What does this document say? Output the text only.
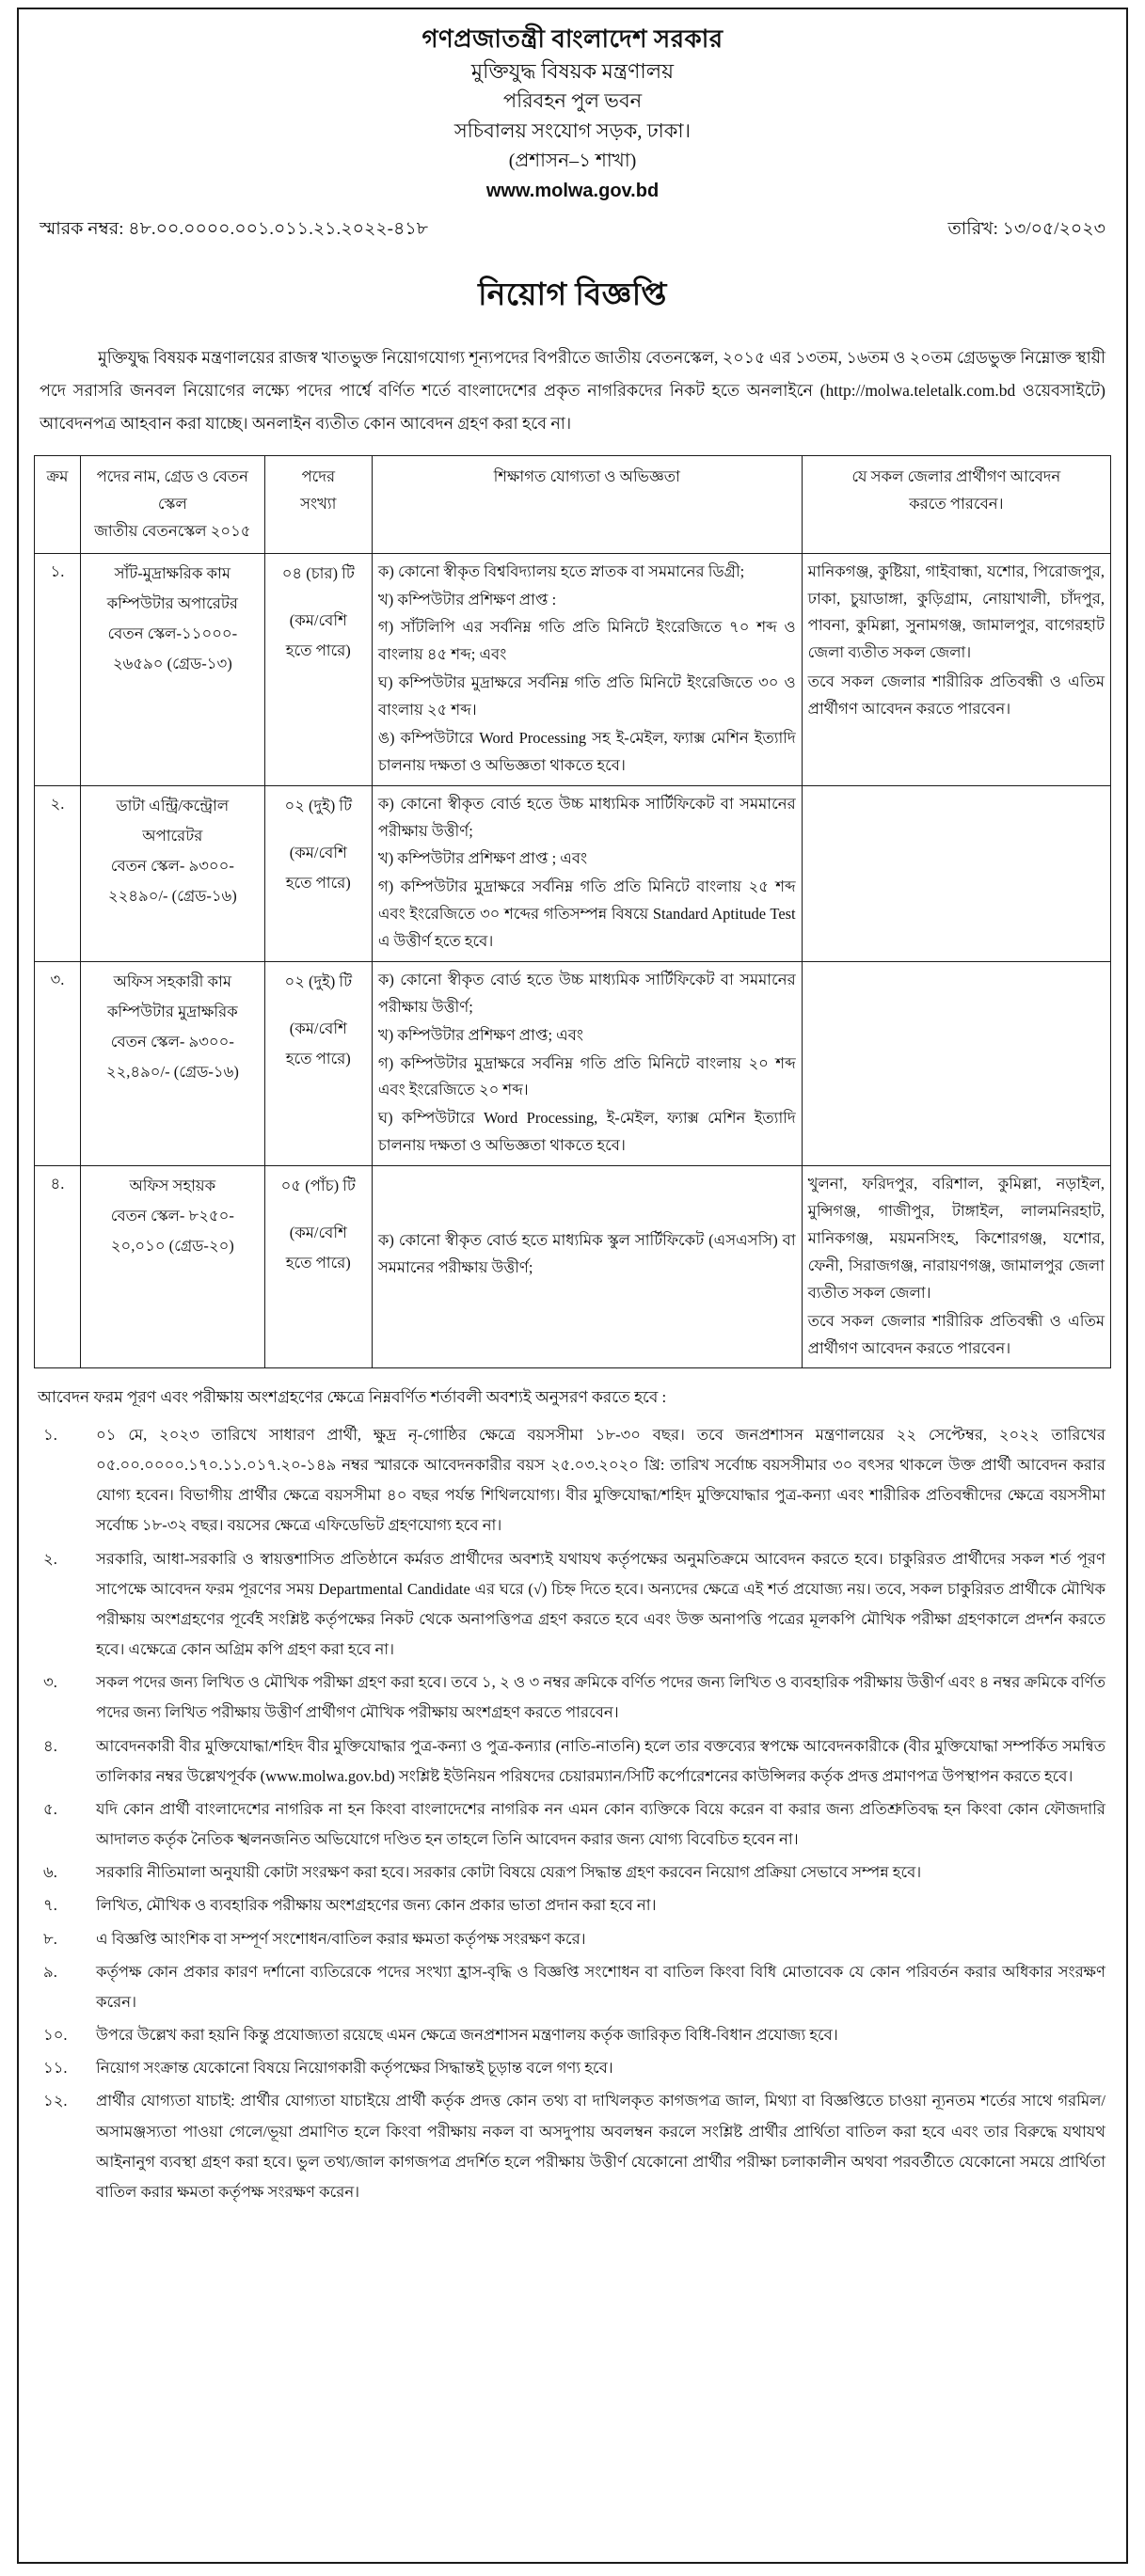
গণপ্রজাতন্ত্রী বাংলাদেশ সরকার
মুক্তিযুদ্ধ বিষয়ক মন্ত্রণালয়
পরিবহন পুল ভবন
সচিবালয় সংযোগ সড়ক, ঢাকা।
(প্রশাসন–১ শাখা)
www.molwa.gov.bd
স্মারক নম্বর: ৪৮.০০.০০০০.০০১.০১১.২১.২০২২-৪১৮	তারিখ: ১৩/০৫/২০২৩
নিয়োগ বিজ্ঞপ্তি
মুক্তিযুদ্ধ বিষয়ক মন্ত্রণালয়ের রাজস্ব খাতভুক্ত নিয়োগযোগ্য শূন্যপদের বিপরীতে জাতীয় বেতনস্কেল, ২০১৫ এর ১৩তম, ১৬তম ও ২০তম গ্রেডভুক্ত নিম্নোক্ত স্থায়ী পদে সরাসরি জনবল নিয়োগের লক্ষ্যে পদের পার্শ্বে বর্ণিত শর্তে বাংলাদেশের প্রকৃত নাগরিকদের নিকট হতে অনলাইনে (http://molwa.teletalk.com.bd ওয়েবসাইটে) আবেদনপত্র আহবান করা যাচ্ছে। অনলাইন ব্যতীত কোন আবেদন গ্রহণ করা হবে না।
ক্রম	পদের নাম, গ্রেড ও বেতন
স্কেল
জাতীয় বেতনস্কেল ২০১৫

পদের
সংখ্যা
	শিক্ষাগত যোগ্যতা ও অভিজ্ঞতা	যে সকল জেলার প্রার্থীগণ আবেদন
করতে পারবেন।

১.	সাঁট-মুদ্রাক্ষরিক কাম
কম্পিউটার অপারেটর
বেতন স্কেল-১১০০০-
২৬৫৯০ (গ্রেড-১৩)

০৪ (চার) টি
(কম/বেশি
হতে পারে)

ক) কোনো স্বীকৃত বিশ্ববিদ্যালয় হতে স্নাতক বা সমমানের ডিগ্রী;
খ) কম্পিউটার প্রশিক্ষণ প্রাপ্ত :
গ) সাঁটলিপি এর সর্বনিম্ন গতি প্রতি মিনিটে ইংরেজিতে ৭০ শব্দ ও বাংলায় ৪৫ শব্দ; এবং
ঘ) কম্পিউটার মুদ্রাক্ষরে সর্বনিম্ন গতি প্রতি মিনিটে ইংরেজিতে ৩০ ও বাংলায় ২৫ শব্দ।
ঙ) কম্পিউটারে Word Processing সহ ই-মেইল, ফ্যাক্স মেশিন ইত্যাদি চালনায় দক্ষতা ও অভিজ্ঞতা থাকতে হবে।
	মানিকগঞ্জ, কুষ্টিয়া, গাইবান্ধা, যশোর, পিরোজপুর, ঢাকা, চুয়াডাঙ্গা, কুড়িগ্রাম, নোয়াখালী, চাঁদপুর, পাবনা, কুমিল্লা, সুনামগঞ্জ, জামালপুর, বাগেরহাট জেলা ব্যতীত সকল জেলা।
তবে সকল জেলার শারীরিক প্রতিবন্ধী ও এতিম প্রার্থীগণ আবেদন করতে পারবেন।

২.	ডাটা এন্ট্রি/কন্ট্রোল
অপারেটর
বেতন স্কেল- ৯৩০০-
২২৪৯০/- (গ্রেড-১৬)

০২ (দুই) টি
(কম/বেশি
হতে পারে)

ক) কোনো স্বীকৃত বোর্ড হতে উচ্চ মাধ্যমিক সার্টিফিকেট বা সমমানের পরীক্ষায় উত্তীর্ণ;
খ) কম্পিউটার প্রশিক্ষণ প্রাপ্ত ; এবং
গ) কম্পিউটার মুদ্রাক্ষরে সর্বনিম্ন গতি প্রতি মিনিটে বাংলায় ২৫ শব্দ এবং ইংরেজিতে ৩০ শব্দের গতিসম্পন্ন বিষয়ে Standard Aptitude Test এ উত্তীর্ণ হতে হবে।

৩.	অফিস সহকারী কাম
কম্পিউটার মুদ্রাক্ষরিক
বেতন স্কেল- ৯৩০০-
২২,৪৯০/- (গ্রেড-১৬)

০২ (দুই) টি
(কম/বেশি
হতে পারে)

ক) কোনো স্বীকৃত বোর্ড হতে উচ্চ মাধ্যমিক সার্টিফিকেট বা সমমানের পরীক্ষায় উত্তীর্ণ;
খ) কম্পিউটার প্রশিক্ষণ প্রাপ্ত; এবং
গ) কম্পিউটার মুদ্রাক্ষরে সর্বনিম্ন গতি প্রতি মিনিটে বাংলায় ২০ শব্দ এবং ইংরেজিতে ২০ শব্দ।
ঘ) কম্পিউটারে Word Processing, ই-মেইল, ফ্যাক্স মেশিন ইত্যাদি চালনায় দক্ষতা ও অভিজ্ঞতা থাকতে হবে।

৪.	অফিস সহায়ক
বেতন স্কেল- ৮২৫০-
২০,০১০ (গ্রেড-২০)

০৫ (পাঁচ) টি
(কম/বেশি
হতে পারে)

ক) কোনো স্বীকৃত বোর্ড হতে মাধ্যমিক স্কুল সার্টিফিকেট (এসএসসি) বা সমমানের পরীক্ষায় উত্তীর্ণ;
	খুলনা, ফরিদপুর, বরিশাল, কুমিল্লা, নড়াইল, মুন্সিগঞ্জ, গাজীপুর, টাঙ্গাইল, লালমনিরহাট, মানিকগঞ্জ, ময়মনসিংহ, কিশোরগঞ্জ, যশোর, ফেনী, সিরাজগঞ্জ, নারায়ণগঞ্জ, জামালপুর জেলা ব্যতীত সকল জেলা।
তবে সকল জেলার শারীরিক প্রতিবন্ধী ও এতিম প্রার্থীগণ আবেদন করতে পারবেন।
আবেদন ফরম পূরণ এবং পরীক্ষায় অংশগ্রহণের ক্ষেত্রে নিম্নবর্ণিত শর্তাবলী অবশ্যই অনুসরণ করতে হবে :
১.	০১ মে, ২০২৩ তারিখে সাধারণ প্রার্থী, ক্ষুদ্র নৃ-গোষ্ঠির ক্ষেত্রে বয়সসীমা ১৮-৩০ বছর। তবে জনপ্রশাসন মন্ত্রণালয়ের ২২ সেপ্টেম্বর, ২০২২ তারিখের ০৫.০০.০০০০.১৭০.১১.০১৭.২০-১৪৯ নম্বর স্মারকে আবেদনকারীর বয়স ২৫.০৩.২০২০ খ্রি: তারিখ সর্বোচ্চ বয়সসীমার ৩০ বৎসর থাকলে উক্ত প্রার্থী আবেদন করার যোগ্য হবেন। বিভাগীয় প্রার্থীর ক্ষেত্রে বয়সসীমা ৪০ বছর পর্যন্ত শিথিলযোগ্য। বীর মুক্তিযোদ্ধা/শহিদ মুক্তিযোদ্ধার পুত্র-কন্যা এবং শারীরিক প্রতিবন্ধীদের ক্ষেত্রে বয়সসীমা সর্বোচ্চ ১৮-৩২ বছর। বয়সের ক্ষেত্রে এফিডেভিট গ্রহণযোগ্য হবে না।
২.	সরকারি, আধা-সরকারি ও স্বায়ত্তশাসিত প্রতিষ্ঠানে কর্মরত প্রার্থীদের অবশ্যই যথাযথ কর্তৃপক্ষের অনুমতিক্রমে আবেদন করতে হবে। চাকুরিরত প্রার্থীদের সকল শর্ত পূরণ সাপেক্ষে আবেদন ফরম পূরণের সময় Departmental Candidate এর ঘরে (√) চিহ্ন দিতে হবে। অন্যদের ক্ষেত্রে এই শর্ত প্রযোজ্য নয়। তবে, সকল চাকুরিরত প্রার্থীকে মৌখিক পরীক্ষায় অংশগ্রহণের পূর্বেই সংশ্লিষ্ট কর্তৃপক্ষের নিকট থেকে অনাপত্তিপত্র গ্রহণ করতে হবে এবং উক্ত অনাপত্তি পত্রের মূলকপি মৌখিক পরীক্ষা গ্রহণকালে প্রদর্শন করতে হবে। এক্ষেত্রে কোন অগ্রিম কপি গ্রহণ করা হবে না।
৩.	সকল পদের জন্য লিখিত ও মৌখিক পরীক্ষা গ্রহণ করা হবে। তবে ১, ২ ও ৩ নম্বর ক্রমিকে বর্ণিত পদের জন্য লিখিত ও ব্যবহারিক পরীক্ষায় উত্তীর্ণ এবং ৪ নম্বর ক্রমিকে বর্ণিত পদের জন্য লিখিত পরীক্ষায় উত্তীর্ণ প্রার্থীগণ মৌখিক পরীক্ষায় অংশগ্রহণ করতে পারবেন।
৪.	আবেদনকারী বীর মুক্তিযোদ্ধা/শহিদ বীর মুক্তিযোদ্ধার পুত্র-কন্যা ও পুত্র-কন্যার (নাতি-নাতনি) হলে তার বক্তব্যের স্বপক্ষে আবেদনকারীকে (বীর মুক্তিযোদ্ধা সম্পর্কিত সমন্বিত তালিকার নম্বর উল্লেখপূর্বক (www.molwa.gov.bd) সংশ্লিষ্ট ইউনিয়ন পরিষদের চেয়ারম্যান/সিটি কর্পোরেশনের কাউন্সিলর কর্তৃক প্রদত্ত প্রমাণপত্র উপস্থাপন করতে হবে।
৫.	যদি কোন প্রার্থী বাংলাদেশের নাগরিক না হন কিংবা বাংলাদেশের নাগরিক নন এমন কোন ব্যক্তিকে বিয়ে করেন বা করার জন্য প্রতিশ্রুতিবদ্ধ হন কিংবা কোন ফৌজদারি আদালত কর্তৃক নৈতিক স্খলনজনিত অভিযোগে দণ্ডিত হন তাহলে তিনি আবেদন করার জন্য যোগ্য বিবেচিত হবেন না।
৬.	সরকারি নীতিমালা অনুযায়ী কোটা সংরক্ষণ করা হবে। সরকার কোটা বিষয়ে যেরূপ সিদ্ধান্ত গ্রহণ করবেন নিয়োগ প্রক্রিয়া সেভাবে সম্পন্ন হবে।
৭.	লিখিত, মৌখিক ও ব্যবহারিক পরীক্ষায় অংশগ্রহণের জন্য কোন প্রকার ভাতা প্রদান করা হবে না।
৮.	এ বিজ্ঞপ্তি আংশিক বা সম্পূর্ণ সংশোধন/বাতিল করার ক্ষমতা কর্তৃপক্ষ সংরক্ষণ করে।
৯.	কর্তৃপক্ষ কোন প্রকার কারণ দর্শানো ব্যতিরেকে পদের সংখ্যা হ্রাস-বৃদ্ধি ও বিজ্ঞপ্তি সংশোধন বা বাতিল কিংবা বিধি মোতাবেক যে কোন পরিবর্তন করার অধিকার সংরক্ষণ করেন।
১০.	উপরে উল্লেখ করা হয়নি কিন্তু প্রযোজ্যতা রয়েছে এমন ক্ষেত্রে জনপ্রশাসন মন্ত্রণালয় কর্তৃক জারিকৃত বিধি-বিধান প্রযোজ্য হবে।
১১.	নিয়োগ সংক্রান্ত যেকোনো বিষয়ে নিয়োগকারী কর্তৃপক্ষের সিদ্ধান্তই চূড়ান্ত বলে গণ্য হবে।
১২.	প্রার্থীর যোগ্যতা যাচাই: প্রার্থীর যোগ্যতা যাচাইয়ে প্রার্থী কর্তৃক প্রদত্ত কোন তথ্য বা দাখিলকৃত কাগজপত্র জাল, মিথ্যা বা বিজ্ঞপ্তিতে চাওয়া ন্যূনতম শর্তের সাথে গরমিল/অসামঞ্জস্যতা পাওয়া গেলে/ভূয়া প্রমাণিত হলে কিংবা পরীক্ষায় নকল বা অসদুপায় অবলম্বন করলে সংশ্লিষ্ট প্রার্থীর প্রার্থিতা বাতিল করা হবে এবং তার বিরুদ্ধে যথাযথ আইনানুগ ব্যবস্থা গ্রহণ করা হবে। ভুল তথ্য/জাল কাগজপত্র প্রদর্শিত হলে পরীক্ষায় উত্তীর্ণ যেকোনো প্রার্থীর পরীক্ষা চলাকালীন অথবা পরবর্তীতে যেকোনো সময়ে প্রার্থিতা বাতিল করার ক্ষমতা কর্তৃপক্ষ সংরক্ষণ করেন।
